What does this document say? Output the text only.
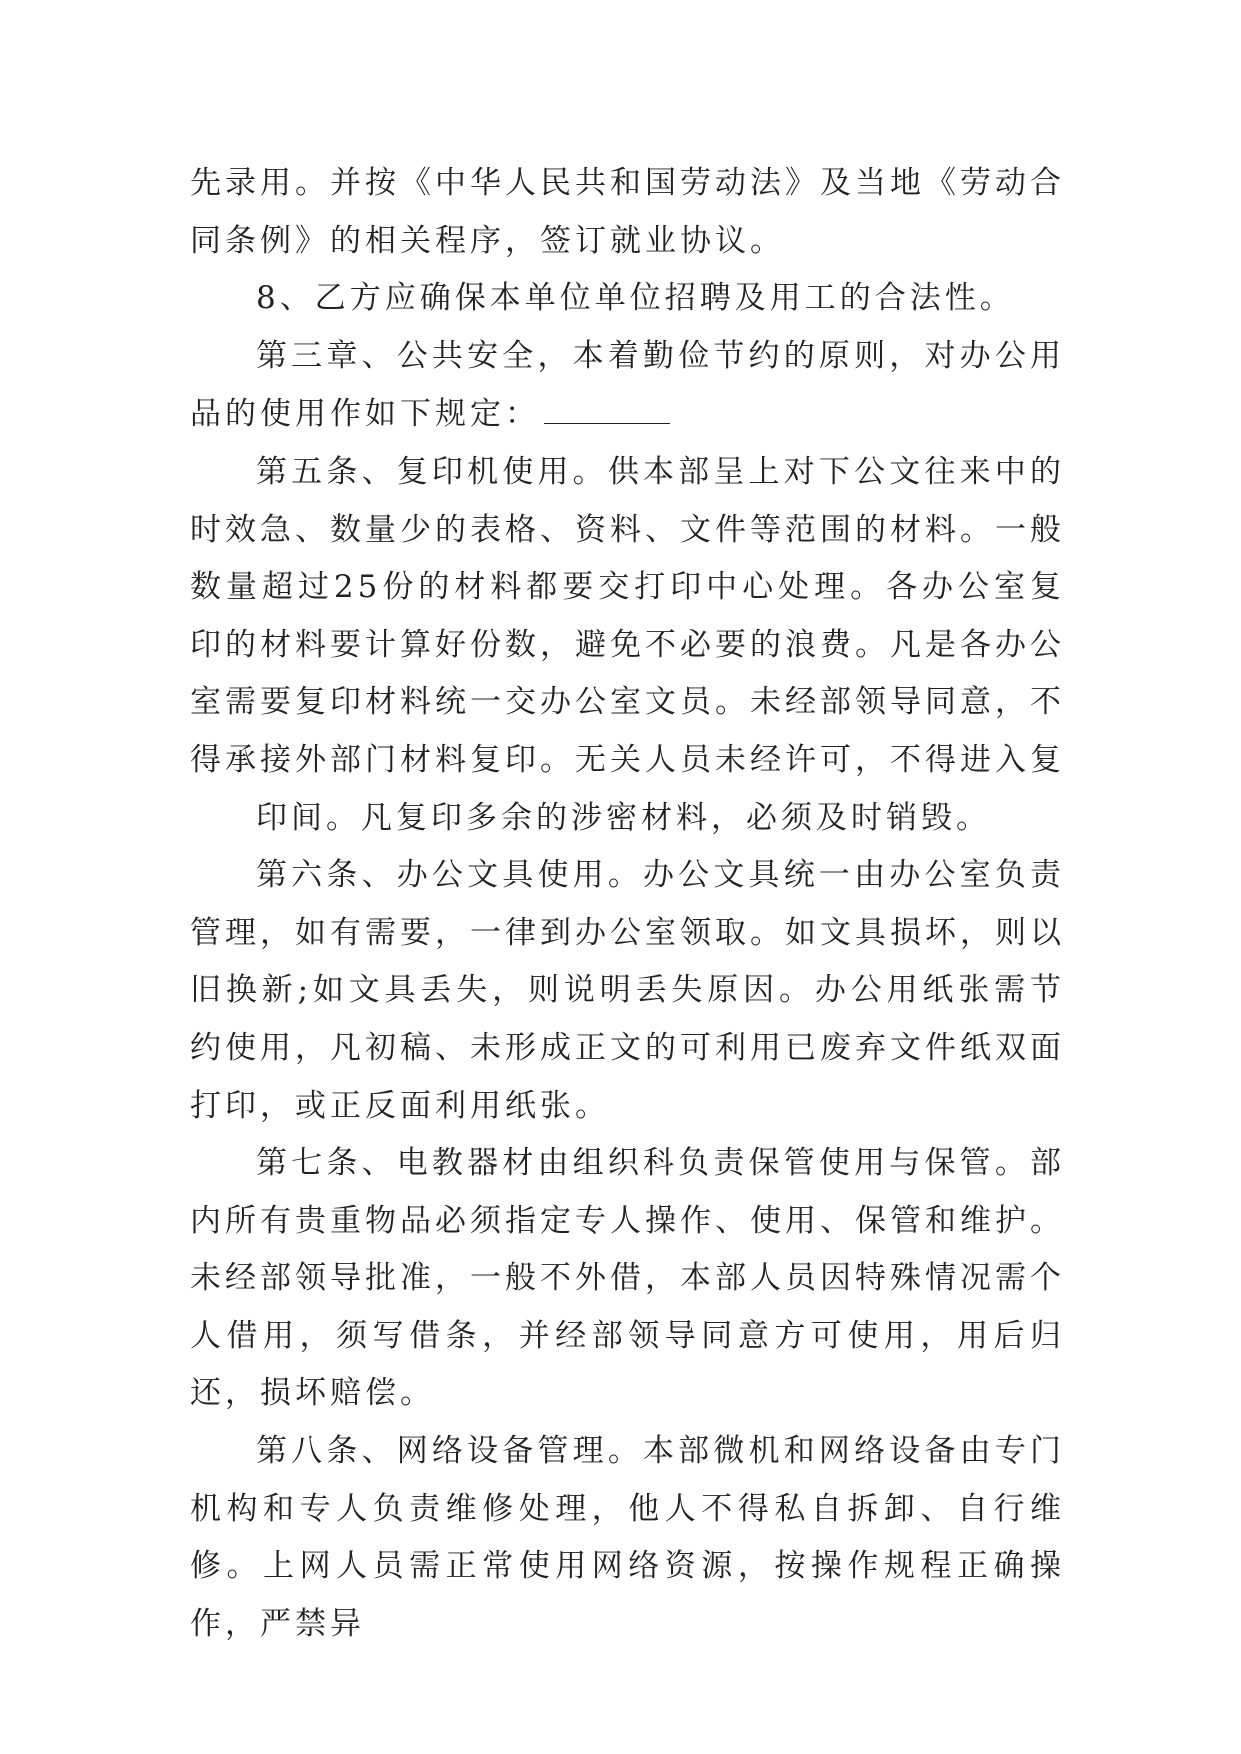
先录用。并按《中华人民共和国劳动法》及当地《劳动合同条例》的相关程序，签订就业协议。

8、乙方应确保本单位单位招聘及用工的合法性。

第三章、公共安全，本着勤俭节约的原则，对办公用品的使用作如下规定：

第五条、复印机使用。供本部呈上对下公文往来中的时效急、数量少的表格、资料、文件等范围的材料。一般数量超过25份的材料都要交打印中心处理。各办公室复印的材料要计算好份数，避免不必要的浪费。凡是各办公室需要复印材料统一交办公室文员。未经部领导同意，不得承接外部门材料复印。无关人员未经许可，不得进入复

印间。凡复印多余的涉密材料，必须及时销毁。

第六条、办公文具使用。办公文具统一由办公室负责管理，如有需要，一律到办公室领取。如文具损坏，则以旧换新;如文具丢失，则说明丢失原因。办公用纸张需节约使用，凡初稿、未形成正文的可利用已废弃文件纸双面打印，或正反面利用纸张。

第七条、电教器材由组织科负责保管使用与保管。部内所有贵重物品必须指定专人操作、使用、保管和维护。未经部领导批准，一般不外借，本部人员因特殊情况需个人借用，须写借条，并经部领导同意方可使用，用后归还，损坏赔偿。

第八条、网络设备管理。本部微机和网络设备由专门机构和专人负责维修处理，他人不得私自拆卸、自行维修。上网人员需正常使用网络资源，按操作规程正确操作，严禁异
